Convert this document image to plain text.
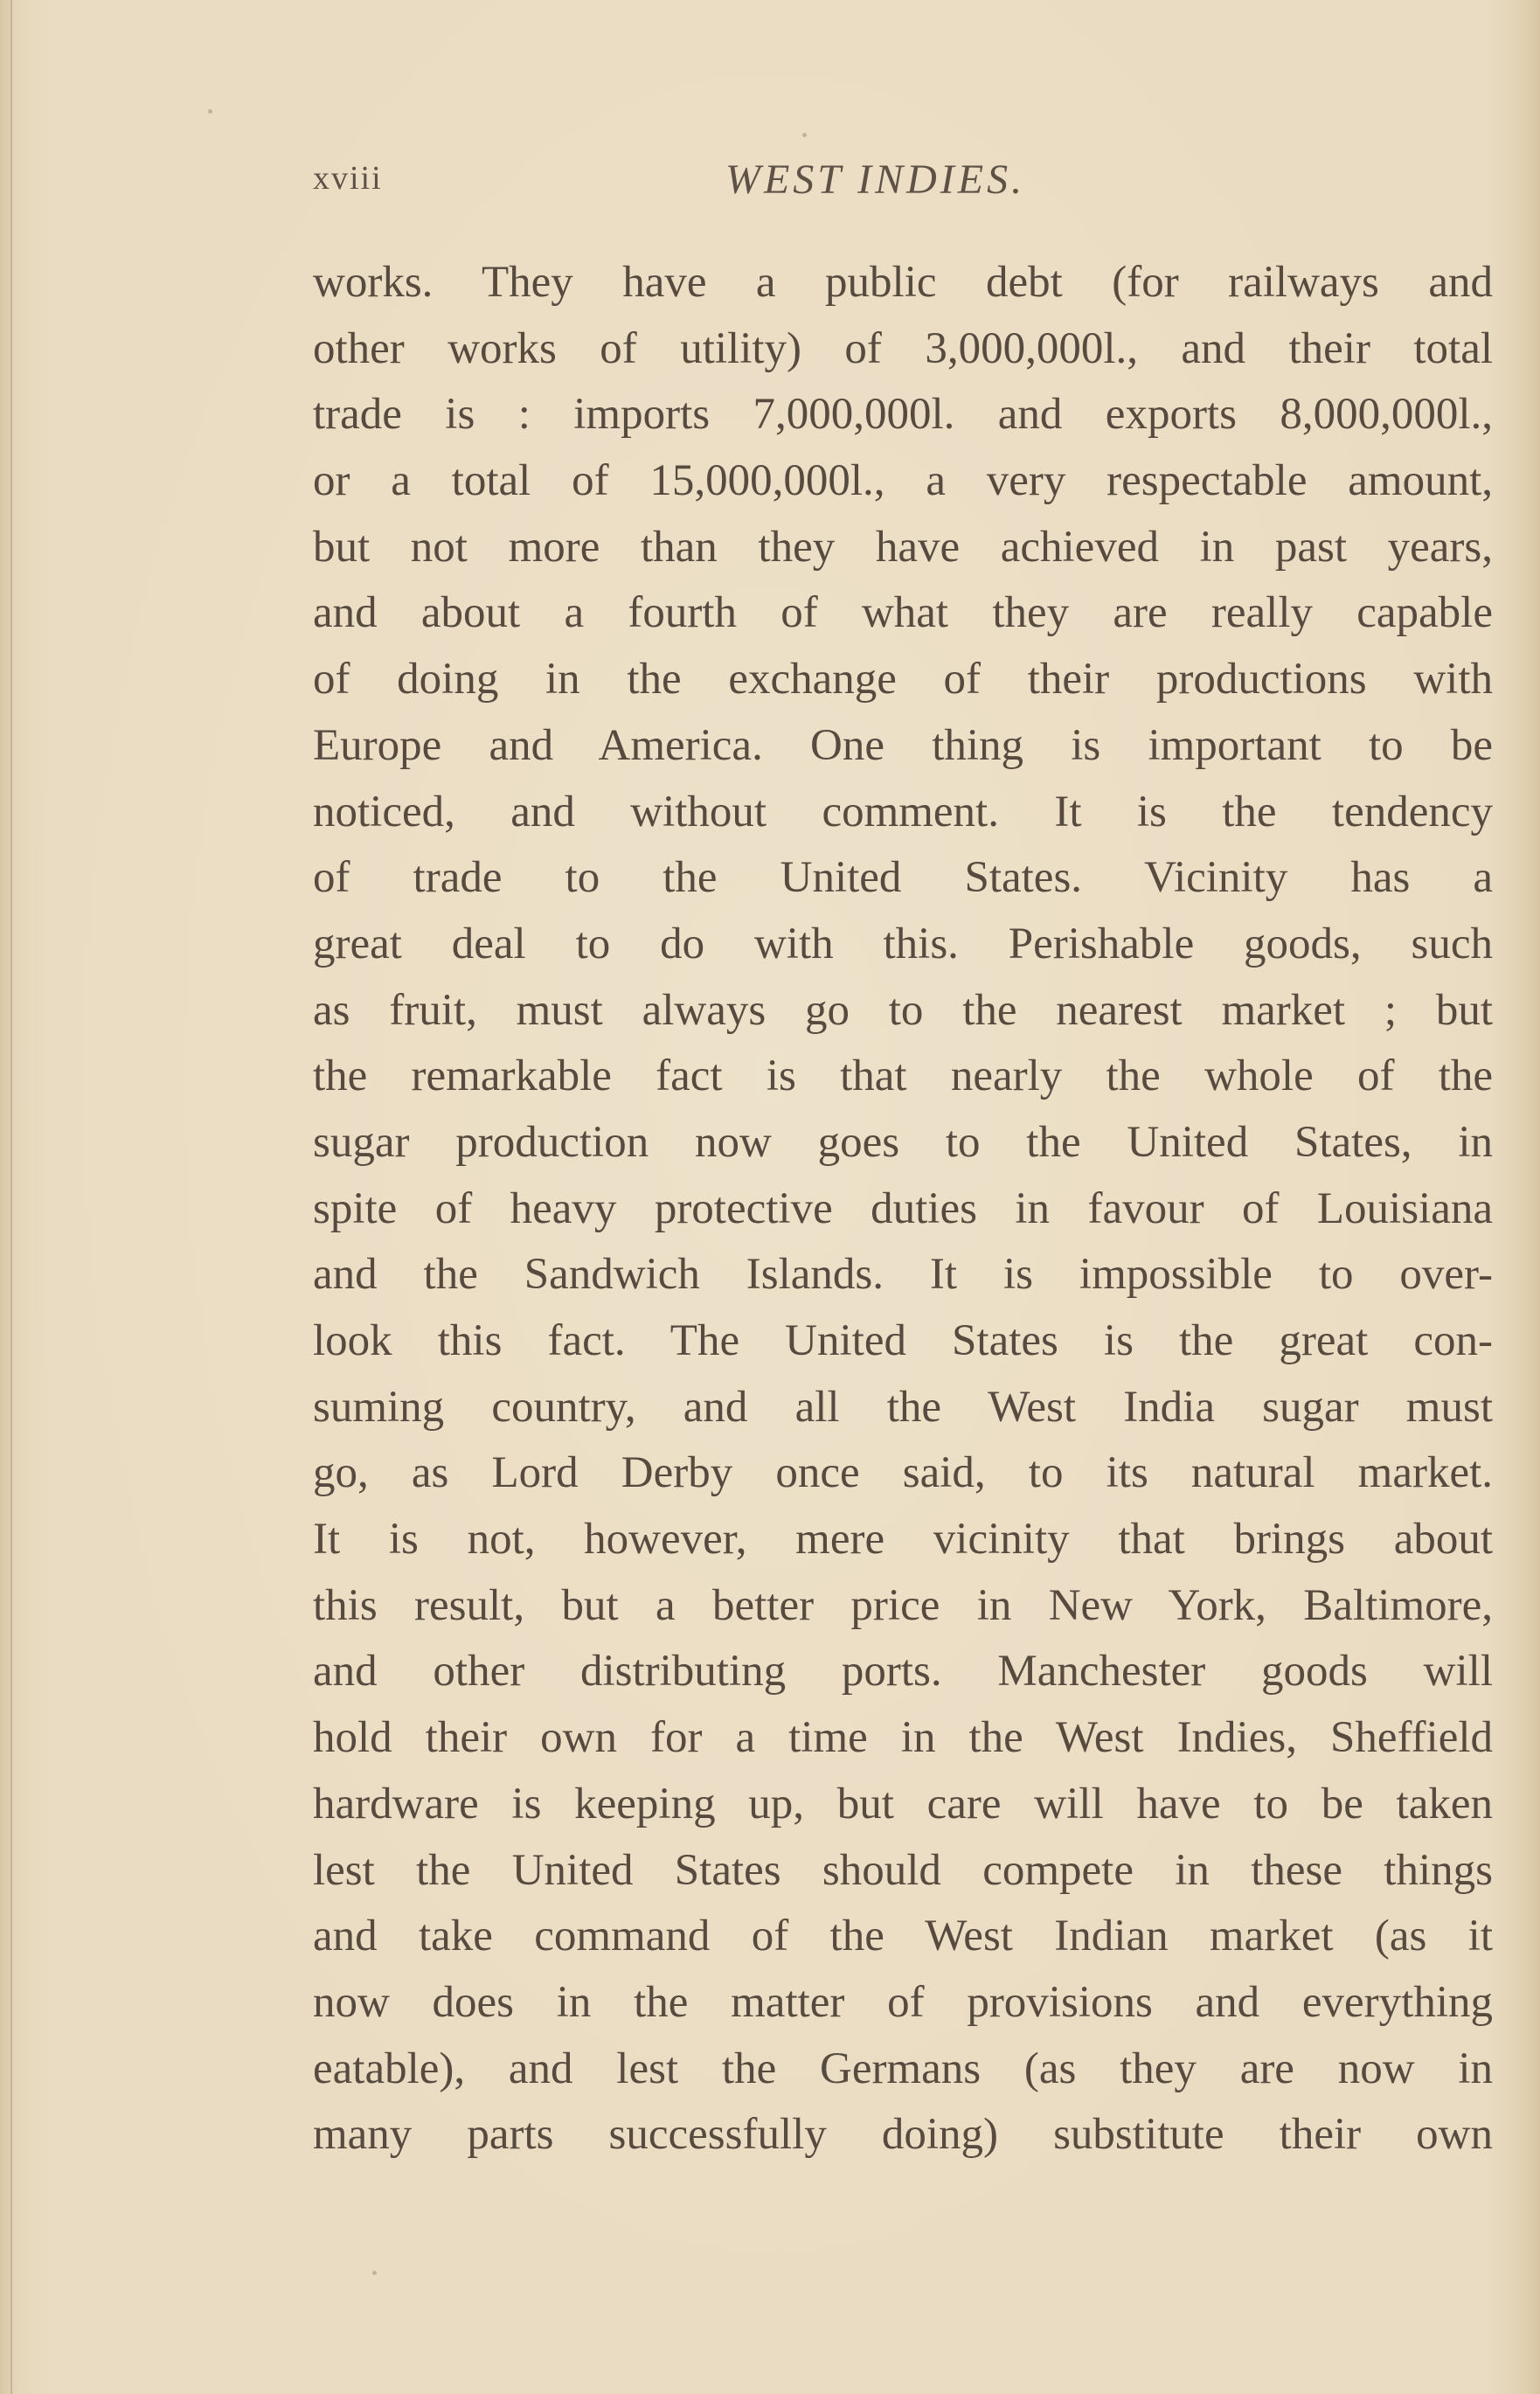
xviii	WEST INDIES.
works. They have a public debt (for railways and
other works of utility) of 3,000,000l., and their total
trade is : imports 7,000,000l. and exports 8,000,000l.,
or a total of 15,000,000l., a very respectable amount,
but not more than they have achieved in past years,
and about a fourth of what they are really capable
of doing in the exchange of their productions with
Europe and America. One thing is important to be
noticed, and without comment. It is the tendency
of trade to the United States. Vicinity has a
great deal to do with this. Perishable goods, such
as fruit, must always go to the nearest market ; but
the remarkable fact is that nearly the whole of the
sugar production now goes to the United States, in
spite of heavy protective duties in favour of Louisiana
and the Sandwich Islands. It is impossible to over-
look this fact. The United States is the great con-
suming country, and all the West India sugar must
go, as Lord Derby once said, to its natural market.
It is not, however, mere vicinity that brings about
this result, but a better price in New York, Baltimore,
and other distributing ports. Manchester goods will
hold their own for a time in the West Indies, Sheffield
hardware is keeping up, but care will have to be taken
lest the United States should compete in these things
and take command of the West Indian market (as it
now does in the matter of provisions and everything
eatable), and lest the Germans (as they are now in
many parts successfully doing) substitute their own
